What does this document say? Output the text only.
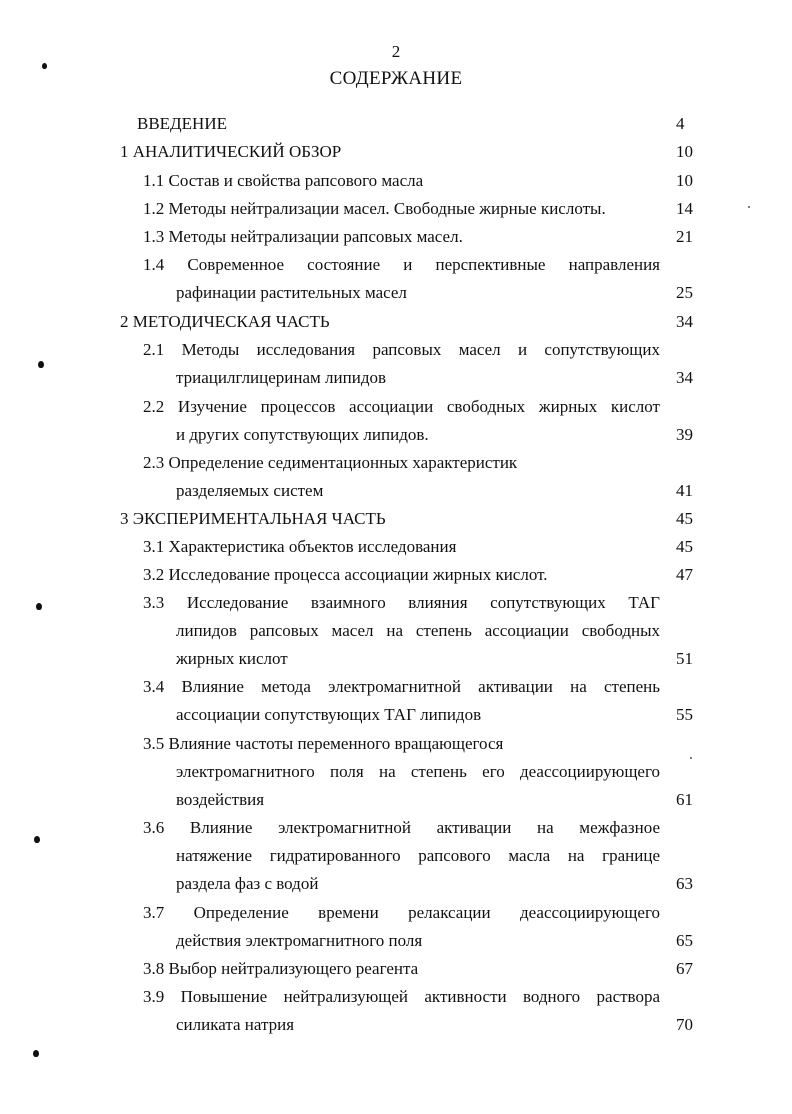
2
СОДЕРЖАНИЕ
ВВЕДЕНИЕ	4
1 АНАЛИТИЧЕСКИЙ ОБЗОР	10
1.1 Состав и свойства рапсового масла	10
1.2 Методы нейтрализации масел. Свободные жирные кислоты.	14
1.3 Методы нейтрализации рапсовых масел.	21
1.4 Современное состояние и перспективные направления
рафинации растительных масел	25
2 МЕТОДИЧЕСКАЯ ЧАСТЬ	34
2.1 Методы исследования рапсовых масел и сопутствующих
триацилглицеринам липидов	34
2.2 Изучение процессов ассоциации свободных жирных кислот
и других сопутствующих липидов.	39
2.3 Определение седиментационных характеристик
разделяемых систем	41
3 ЭКСПЕРИМЕНТАЛЬНАЯ ЧАСТЬ	45
3.1 Характеристика объектов исследования	45
3.2 Исследование процесса ассоциации жирных кислот.	47
3.3 Исследование взаимного влияния сопутствующих ТАГ
липидов рапсовых масел на степень ассоциации свободных
жирных кислот	51
3.4 Влияние метода электромагнитной активации на степень
ассоциации сопутствующих ТАГ липидов	55
3.5 Влияние частоты переменного вращающегося
электромагнитного поля на степень его деассоциирующего
воздействия	61
3.6 Влияние электромагнитной активации на межфазное
натяжение гидратированного рапсового масла на границе
раздела фаз с водой	63
3.7 Определение времени релаксации деассоциирующего
действия электромагнитного поля	65
3.8 Выбор нейтрализующего реагента	67
3.9 Повышение нейтрализующей активности водного раствора
силиката натрия	70
